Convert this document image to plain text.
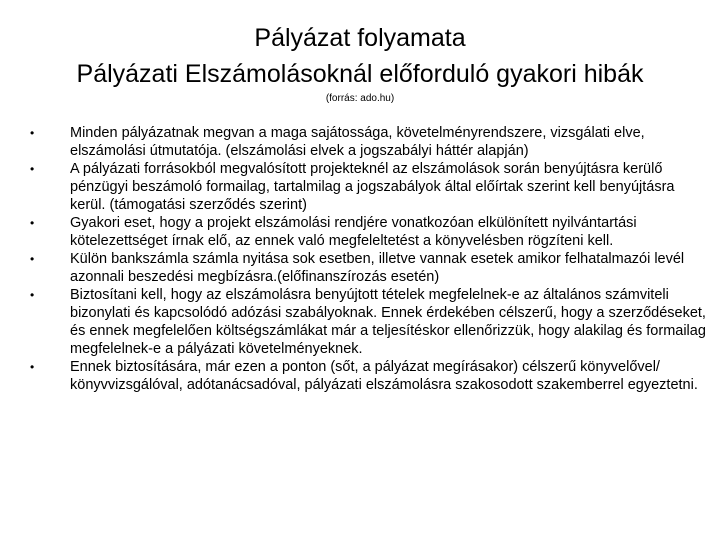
Pályázat folyamata
Pályázati Elszámolásoknál előforduló gyakori hibák
(forrás: ado.hu)
• Minden pályázatnak megvan a maga sajátossága, követelményrendszere, vizsgálati elve, elszámolási útmutatója. (elszámolási elvek a jogszabályi háttér alapján)
• A pályázati forrásokból megvalósított projekteknél az elszámolások során benyújtásra kerülő pénzügyi beszámoló formailag, tartalmilag a jogszabályok által előírtak szerint kell benyújtásra kerül. (támogatási szerződés szerint)
• Gyakori eset, hogy a projekt elszámolási rendjére vonatkozóan elkülönített nyilvántartási kötelezettséget írnak elő, az ennek való megfeleltetést a könyvelésben rögzíteni kell.
• Külön bankszámla számla nyitása sok esetben, illetve vannak esetek amikor felhatalmazói levél azonnali beszedési megbízásra.(előfinanszírozás esetén)
• Biztosítani kell, hogy az elszámolásra benyújtott tételek megfelelnek-e az általános számviteli bizonylati és kapcsolódó adózási szabályoknak. Ennek érdekében célszerű, hogy a szerződéseket, és ennek megfelelően költségszámlákat már a teljesítéskor ellenőrizzük, hogy alakilag és formailag megfelelnek-e a pályázati követelményeknek.
• Ennek biztosítására, már ezen a ponton (sőt, a pályázat megírásakor) célszerű könyvelővel/ könyvvizsgálóval, adótanácsadóval, pályázati elszámolásra szakosodott szakemberrel egyeztetni.
